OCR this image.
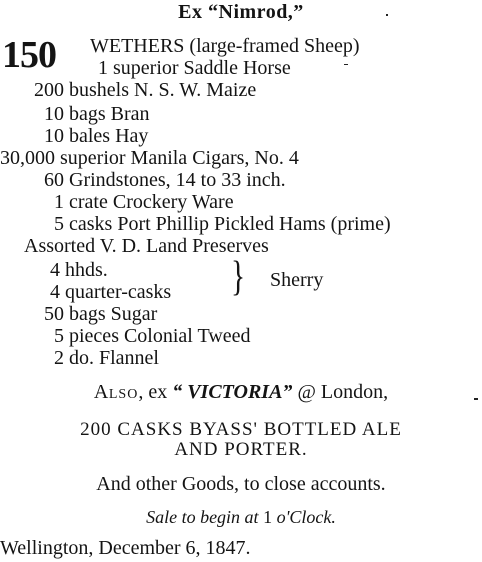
Ex “Nimrod,”
150 WETHERS (large-framed Sheep)
1 superior Saddle Horse
200 bushels N. S. W. Maize
10 bags Bran
10 bales Hay
30,000 superior Manila Cigars, No. 4
60 Grindstones, 14 to 33 inch.
1 crate Crockery Ware
5 casks Port Phillip Pickled Hams (prime)
Assorted V. D. Land Preserves
4 hhds.
4 quarter-casks } Sherry
50 bags Sugar
5 pieces Colonial Tweed
2 do. Flannel
ALSO, ex “ VICTORIA” @ London,
200 CASKS BYASS' BOTTLED ALE
AND PORTER.
And other Goods, to close accounts.
Sale to begin at 1 o'Clock.
Wellington, December 6, 1847.
